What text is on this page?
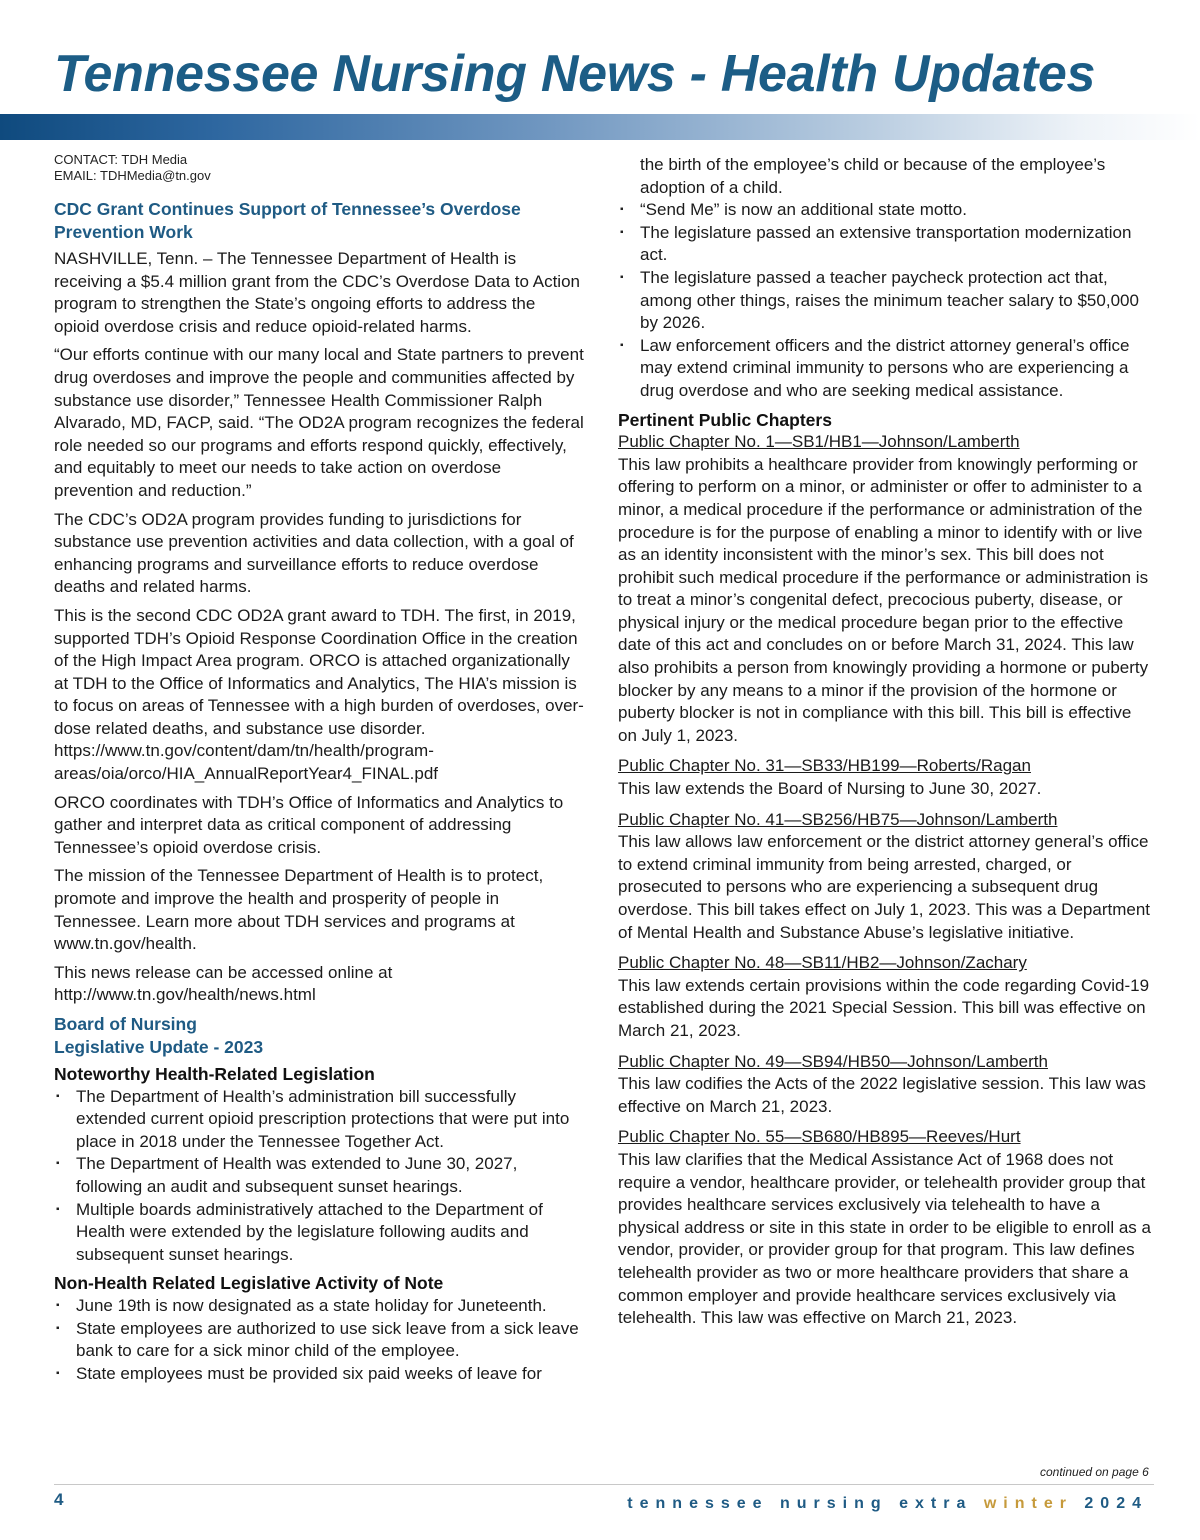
Tennessee Nursing News - Health Updates
CONTACT: TDH Media
EMAIL: TDHMedia@tn.gov
CDC Grant Continues Support of Tennessee’s Overdose Prevention Work

NASHVILLE, Tenn. – The Tennessee Department of Health is receiving a $5.4 million grant from the CDC’s Overdose Data to Action program to strengthen the State’s ongoing efforts to address the opioid overdose crisis and reduce opioid-related harms.

“Our efforts continue with our many local and State partners to prevent drug overdoses and improve the people and communities affected by substance use disorder,” Tennessee Health Commissioner Ralph Alvarado, MD, FACP, said. “The OD2A program recognizes the federal role needed so our programs and efforts respond quickly, effectively, and equitably to meet our needs to take action on overdose prevention and reduction.”

The CDC’s OD2A program provides funding to jurisdictions for substance use prevention activities and data collection, with a goal of enhancing programs and surveillance efforts to reduce overdose deaths and related harms.

This is the second CDC OD2A grant award to TDH. The first, in 2019, supported TDH’s Opioid Response Coordination Office in the creation of the High Impact Area program. ORCO is attached organizationally at TDH to the Office of Informatics and Analytics, The HIA’s mission is to focus on areas of Tennessee with a high burden of overdoses, over-dose related deaths, and substance use disorder. https://www.tn.gov/content/dam/tn/health/program-areas/oia/orco/HIA_AnnualReportYear4_FINAL.pdf

ORCO coordinates with TDH’s Office of Informatics and Analytics to gather and interpret data as critical component of addressing Tennessee’s opioid overdose crisis.

The mission of the Tennessee Department of Health is to protect, promote and improve the health and prosperity of people in Tennessee. Learn more about TDH services and programs at www.tn.gov/health.

This news release can be accessed online at http://www.tn.gov/health/news.html

Board of Nursing
Legislative Update - 2023
Noteworthy Health-Related Legislation
▪ The Department of Health’s administration bill successfully extended current opioid prescription protections that were put into place in 2018 under the Tennessee Together Act.
▪ The Department of Health was extended to June 30, 2027, following an audit and subsequent sunset hearings.
▪ Multiple boards administratively attached to the Department of Health were extended by the legislature following audits and subsequent sunset hearings.
Non-Health Related Legislative Activity of Note
▪ June 19th is now designated as a state holiday for Juneteenth.
▪ State employees are authorized to use sick leave from a sick leave bank to care for a sick minor child of the employee.
▪ State employees must be provided six paid weeks of leave for
the birth of the employee’s child or because of the employee’s adoption of a child.
▪ “Send Me” is now an additional state motto.
▪ The legislature passed an extensive transportation modernization act.
▪ The legislature passed a teacher paycheck protection act that, among other things, raises the minimum teacher salary to $50,000 by 2026.
▪ Law enforcement officers and the district attorney general’s office may extend criminal immunity to persons who are experiencing a drug overdose and who are seeking medical assistance.
Pertinent Public Chapters
Public Chapter No. 1—SB1/HB1—Johnson/Lamberth

This law prohibits a healthcare provider from knowingly performing or offering to perform on a minor, or administer or offer to administer to a minor, a medical procedure if the performance or administration of the procedure is for the purpose of enabling a minor to identify with or live as an identity inconsistent with the minor’s sex. This bill does not prohibit such medical procedure if the performance or administration is to treat a minor’s congenital defect, precocious puberty, disease, or physical injury or the medical procedure began prior to the effective date of this act and concludes on or before March 31, 2024. This law also prohibits a person from knowingly providing a hormone or puberty blocker by any means to a minor if the provision of the hormone or puberty blocker is not in compliance with this bill. This bill is effective on July 1, 2023.

Public Chapter No. 31—SB33/HB199—Roberts/Ragan

This law extends the Board of Nursing to June 30, 2027.

Public Chapter No. 41—SB256/HB75—Johnson/Lamberth

This law allows law enforcement or the district attorney general’s office to extend criminal immunity from being arrested, charged, or prosecuted to persons who are experiencing a subsequent drug overdose. This bill takes effect on July 1, 2023. This was a Department of Mental Health and Substance Abuse’s legislative initiative.

Public Chapter No. 48—SB11/HB2—Johnson/Zachary

This law extends certain provisions within the code regarding Covid-19 established during the 2021 Special Session. This bill was effective on March 21, 2023.

Public Chapter No. 49—SB94/HB50—Johnson/Lamberth

This law codifies the Acts of the 2022 legislative session. This law was effective on March 21, 2023.

Public Chapter No. 55—SB680/HB895—Reeves/Hurt

This law clarifies that the Medical Assistance Act of 1968 does not require a vendor, healthcare provider, or telehealth provider group that provides healthcare services exclusively via telehealth to have a physical address or site in this state in order to be eligible to enroll as a vendor, provider, or provider group for that program. This law defines telehealth provider as two or more healthcare providers that share a common employer and provide healthcare services exclusively via telehealth. This law was effective on March 21, 2023.

continued on page 6
4	tennessee nursing extra winter 2024
